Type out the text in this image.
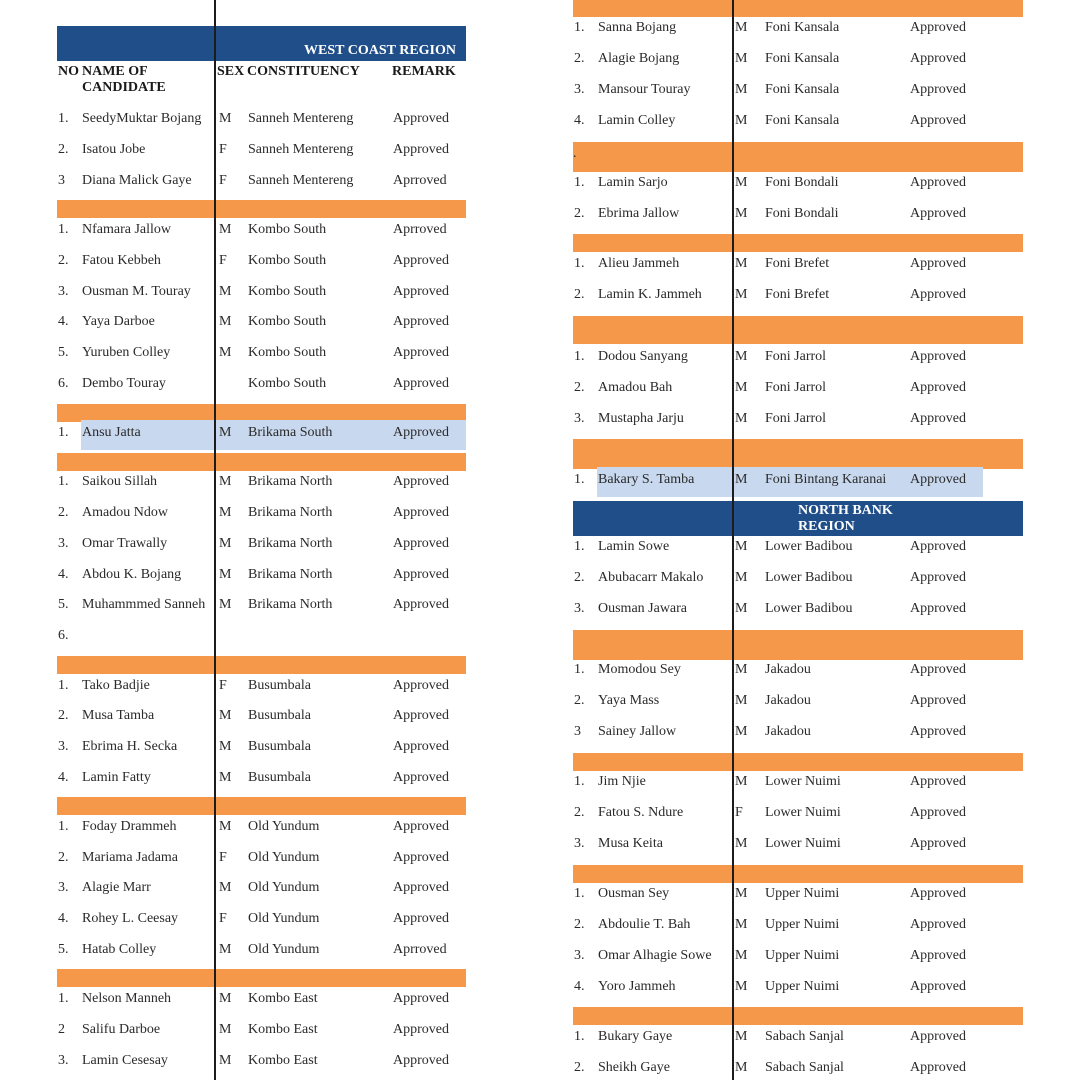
WEST COAST REGION
NO NAME OF CANDIDATE
SEX CONSTITUENCY REMARK
1. SeedyMuktar Bojang M Sanneh Mentereng	Approved
2. Isatou Jobe	F Sanneh Mentereng	Approved
3 Diana Malick Gaye F Sanneh Mentereng	Aprroved
1. Nfamara Jallow	M Kombo South	Aprroved
2. Fatou Kebbeh	F Kombo South	Approved
3. Ousman M. Touray M Kombo South	Approved
4. Yaya Darboe	M Kombo South	Approved
5. Yuruben Colley	M Kombo South	Approved
6. Dembo Touray	Kombo South	Approved
1. Ansu Jatta	M Brikama South	Approved
1. Saikou Sillah	M Brikama North	Approved
2. Amadou Ndow	M Brikama North	Approved
3. Omar Trawally	M Brikama North	Approved
4. Abdou K. Bojang	M Brikama North	Approved
5. Muhammmed Sanneh M Brikama North	Approved
6.
1. Tako Badjie	F Busumbala	Approved
2. Musa Tamba	M Busumbala	Approved
3. Ebrima H. Secka	M Busumbala	Approved
4. Lamin Fatty	M Busumbala	Approved
1. Foday Drammeh	M Old Yundum	Approved
2. Mariama Jadama	F Old Yundum	Approved
3. Alagie Marr	M Old Yundum	Approved
4. Rohey L. Ceesay	F Old Yundum	Approved
5. Hatab Colley	M Old Yundum	Aprroved
1. Nelson Manneh	M Kombo East	Approved
2 Salifu Darboe	M Kombo East	Approved
3. Lamin Cesesay	M Kombo East	Approved
1. Sanna Bojang	M Foni Kansala	Approved
2. Alagie Bojang	M Foni Kansala	Approved
3. Mansour Touray	M Foni Kansala	Approved
4. Lamin Colley	M Foni Kansala	Approved
1. Lamin Sarjo	M Foni Bondali	Approved
2. Ebrima Jallow	M Foni Bondali	Approved
1. Alieu Jammeh	M Foni Brefet	Approved
2. Lamin K. Jammeh M Foni Brefet	Approved
1. Dodou Sanyang	M Foni Jarrol	Approved
2. Amadou Bah	M Foni Jarrol	Approved
3. Mustapha Jarju	M Foni Jarrol	Approved
1. Bakary S. Tamba	M Foni Bintang Karanai Approved
1. Lamin Sowe	M Lower Badibou	Approved
2. Abubacarr Makalo M Lower Badibou	Approved
3. Ousman Jawara	M Lower Badibou	Approved
1. Momodou Sey	M Jakadou	Approved
2. Yaya Mass	M Jakadou	Approved
3 Sainey Jallow	M Jakadou	Approved
1. Jim Njie	M Lower Nuimi	Approved
2. Fatou S. Ndure	F Lower Nuimi	Approved
3. Musa Keita	M Lower Nuimi	Approved
1. Ousman Sey	M Upper Nuimi	Approved
2. Abdoulie T. Bah	M Upper Nuimi	Approved
3. Omar Alhagie Sowe M Upper Nuimi	Approved
4. Yoro Jammeh	M Upper Nuimi	Approved
1. Bukary Gaye	M Sabach Sanjal	Approved
2. Sheikh Gaye	M Sabach Sanjal	Approved
.
NORTH BANK REGION
